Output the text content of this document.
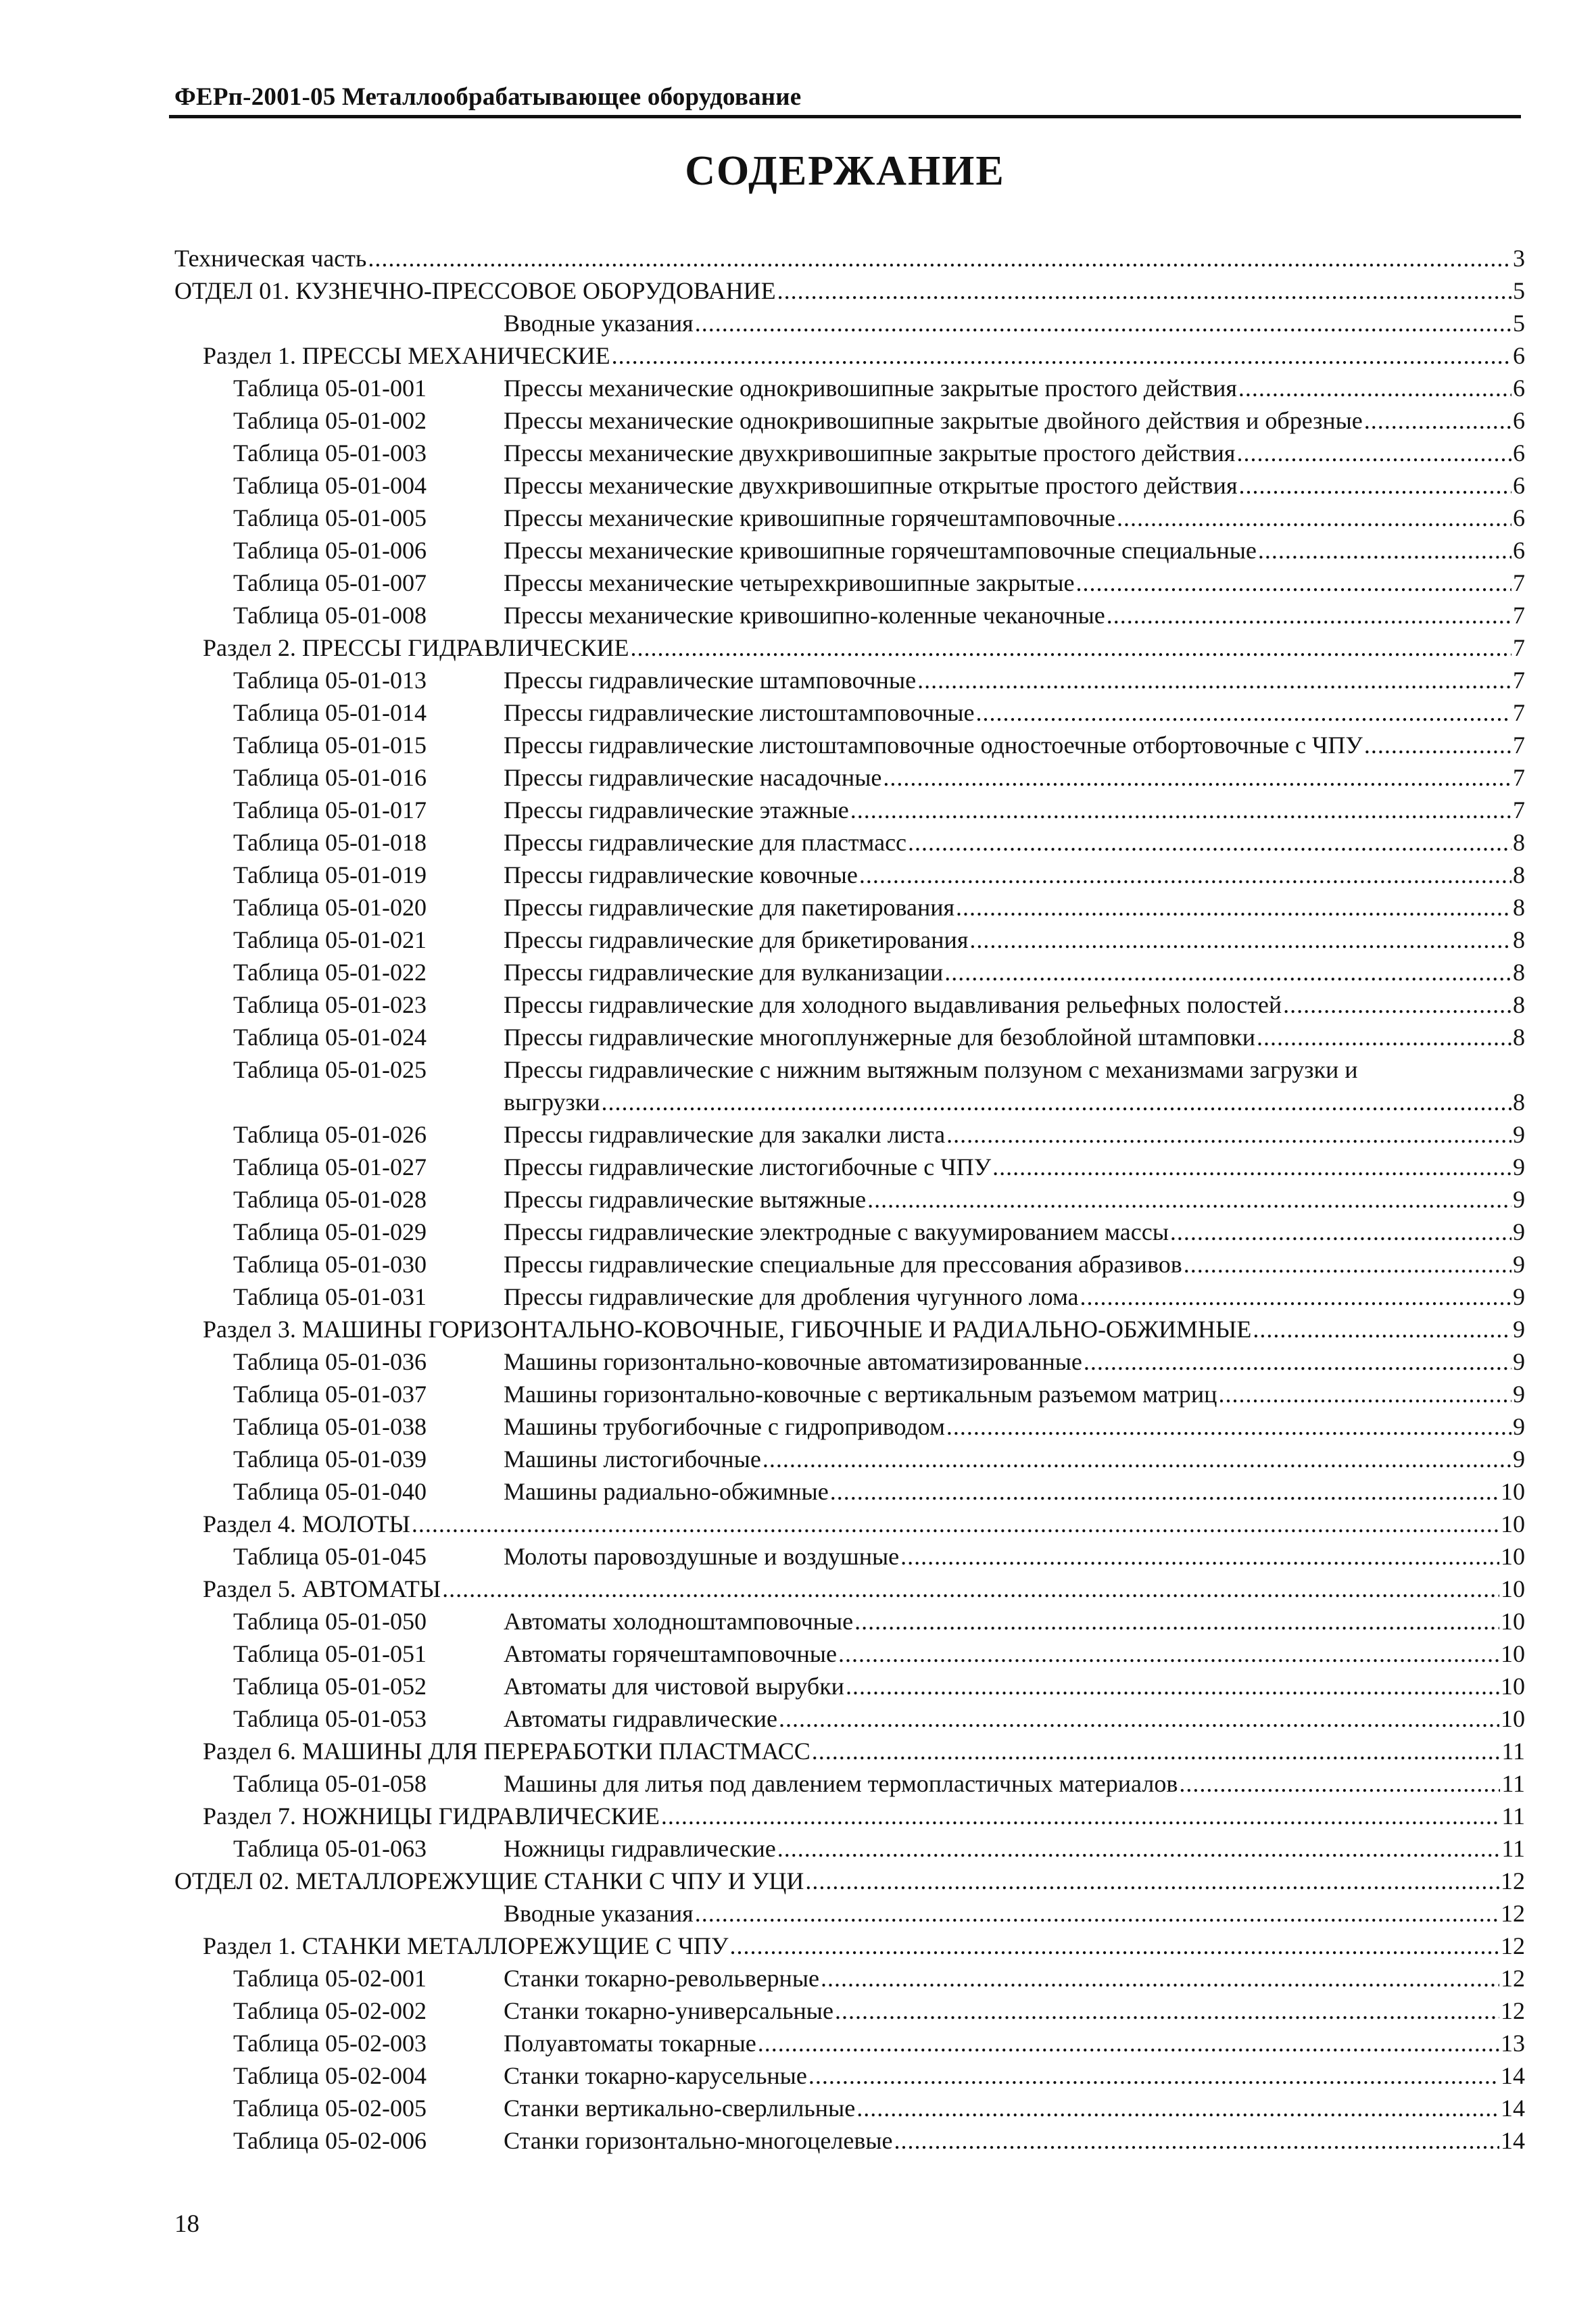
ФЕРп-2001-05 Металлообрабатывающее оборудование
СОДЕРЖАНИЕ
Техническая часть .....	3
ОТДЕЛ 01. КУЗНЕЧНО-ПРЕССОВОЕ ОБОРУДОВАНИЕ .....	5
Вводные указания .....	5
Раздел 1. ПРЕССЫ МЕХАНИЧЕСКИЕ .....	6
Таблица 05-01-001	Прессы механические однокривошипные закрытые простого действия .....	6
Таблица 05-01-002	Прессы механические однокривошипные закрытые двойного действия и обрезные .....	6
Таблица 05-01-003	Прессы механические двухкривошипные закрытые простого действия .....	6
Таблица 05-01-004	Прессы механические двухкривошипные открытые простого действия .....	6
Таблица 05-01-005	Прессы механические кривошипные горячештамповочные .....	6
Таблица 05-01-006	Прессы механические кривошипные горячештамповочные специальные .....	6
Таблица 05-01-007	Прессы механические четырехкривошипные закрытые .....	7
Таблица 05-01-008	Прессы механические кривошипно-коленные чеканочные .....	7
Раздел 2. ПРЕССЫ ГИДРАВЛИЧЕСКИЕ .....	7
Таблица 05-01-013	Прессы гидравлические штамповочные .....	7
Таблица 05-01-014	Прессы гидравлические листоштамповочные .....	7
Таблица 05-01-015	Прессы гидравлические листоштамповочные одностоечные отбортовочные с ЧПУ .....	7
Таблица 05-01-016	Прессы гидравлические насадочные .....	7
Таблица 05-01-017	Прессы гидравлические этажные .....	7
Таблица 05-01-018	Прессы гидравлические для пластмасс .....	8
Таблица 05-01-019	Прессы гидравлические ковочные .....	8
Таблица 05-01-020	Прессы гидравлические для пакетирования .....	8
Таблица 05-01-021	Прессы гидравлические для брикетирования .....	8
Таблица 05-01-022	Прессы гидравлические для вулканизации .....	8
Таблица 05-01-023	Прессы гидравлические для холодного выдавливания рельефных полостей .....	8
Таблица 05-01-024	Прессы гидравлические многоплунжерные для безоблойной штамповки .....	8
Таблица 05-01-025	Прессы гидравлические с нижним вытяжным ползуном с механизмами загрузки и
выгрузки .....	8
Таблица 05-01-026	Прессы гидравлические для закалки листа .....	9
Таблица 05-01-027	Прессы гидравлические листогибочные с ЧПУ .....	9
Таблица 05-01-028	Прессы гидравлические вытяжные .....	9
Таблица 05-01-029	Прессы гидравлические электродные с вакуумированием массы .....	9
Таблица 05-01-030	Прессы гидравлические специальные для прессования абразивов .....	9
Таблица 05-01-031	Прессы гидравлические для дробления чугунного лома .....	9
Раздел 3. МАШИНЫ ГОРИЗОНТАЛЬНО-КОВОЧНЫЕ, ГИБОЧНЫЕ И РАДИАЛЬНО-ОБЖИМНЫЕ .....	9
Таблица 05-01-036	Машины горизонтально-ковочные автоматизированные .....	9
Таблица 05-01-037	Машины горизонтально-ковочные с вертикальным разъемом матриц .....	9
Таблица 05-01-038	Машины трубогибочные с гидроприводом .....	9
Таблица 05-01-039	Машины листогибочные .....	9
Таблица 05-01-040	Машины радиально-обжимные .....	10
Раздел 4. МОЛОТЫ .....	10
Таблица 05-01-045	Молоты паровоздушные и воздушные .....	10
Раздел 5. АВТОМАТЫ .....	10
Таблица 05-01-050	Автоматы холодноштамповочные .....	10
Таблица 05-01-051	Автоматы горячештамповочные .....	10
Таблица 05-01-052	Автоматы для чистовой вырубки .....	10
Таблица 05-01-053	Автоматы гидравлические .....	10
Раздел 6. МАШИНЫ ДЛЯ ПЕРЕРАБОТКИ ПЛАСТМАСС .....	11
Таблица 05-01-058	Машины для литья под давлением термопластичных материалов .....	11
Раздел 7. НОЖНИЦЫ ГИДРАВЛИЧЕСКИЕ .....	11
Таблица 05-01-063	Ножницы гидравлические .....	11
ОТДЕЛ 02. МЕТАЛЛОРЕЖУЩИЕ СТАНКИ С ЧПУ И УЦИ .....	12
Вводные указания .....	12
Раздел 1. СТАНКИ МЕТАЛЛОРЕЖУЩИЕ С ЧПУ .....	12
Таблица 05-02-001	Станки токарно-револьверные .....	12
Таблица 05-02-002	Станки токарно-универсальные .....	12
Таблица 05-02-003	Полуавтоматы токарные .....	13
Таблица 05-02-004	Станки токарно-карусельные .....	14
Таблица 05-02-005	Станки вертикально-сверлильные .....	14
Таблица 05-02-006	Станки горизонтально-многоцелевые .....	14
18
